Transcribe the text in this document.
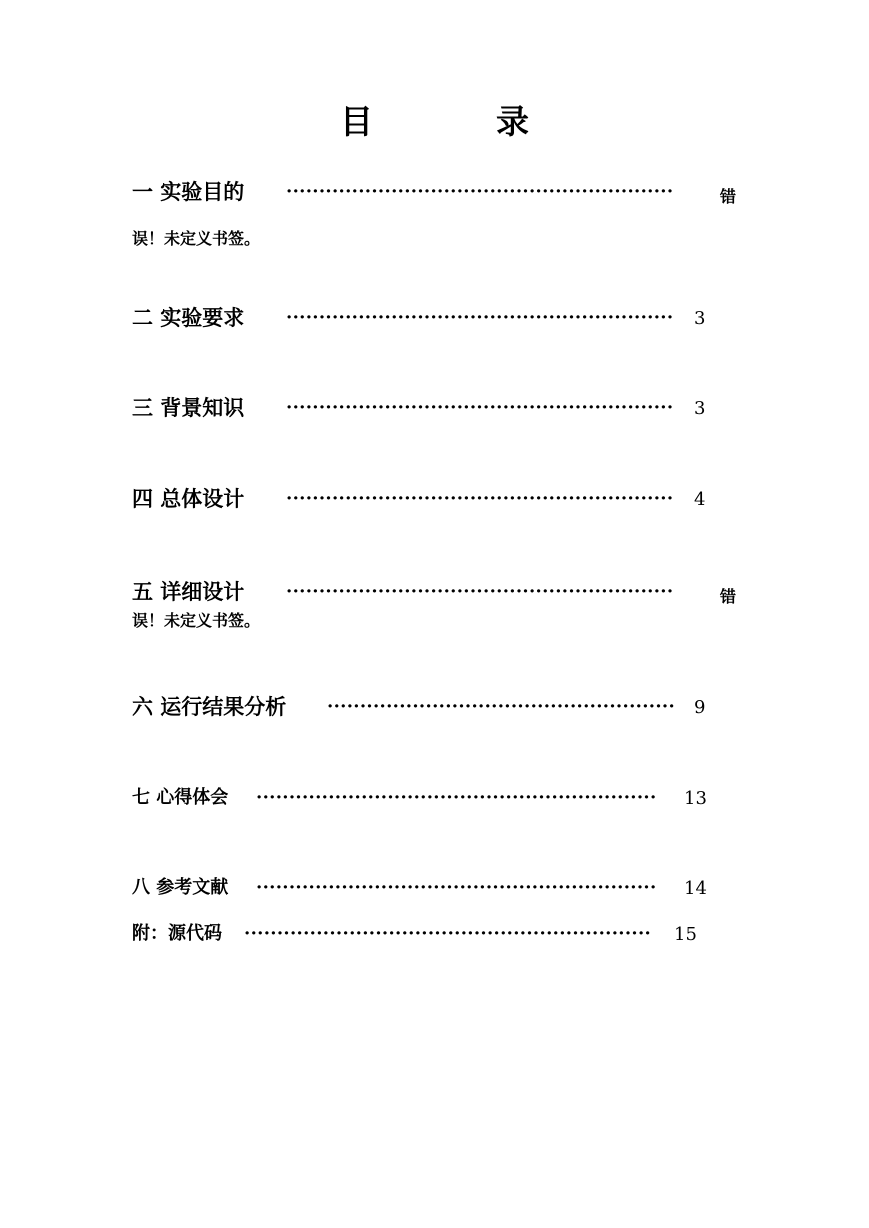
目	录
一 实验目的 ···························································	错
误！未定义书签。
二 实验要求 ···························································	3
三 背景知识 ···························································	3
四 总体设计 ···························································	4
五 详细设计 ···························································	错
误！未定义书签。
六 运行结果分析 ·····················································	9
七 心得体会 ·····························································	13
八 参考文献 ·····························································	14
附：源代码 ······························································	15
